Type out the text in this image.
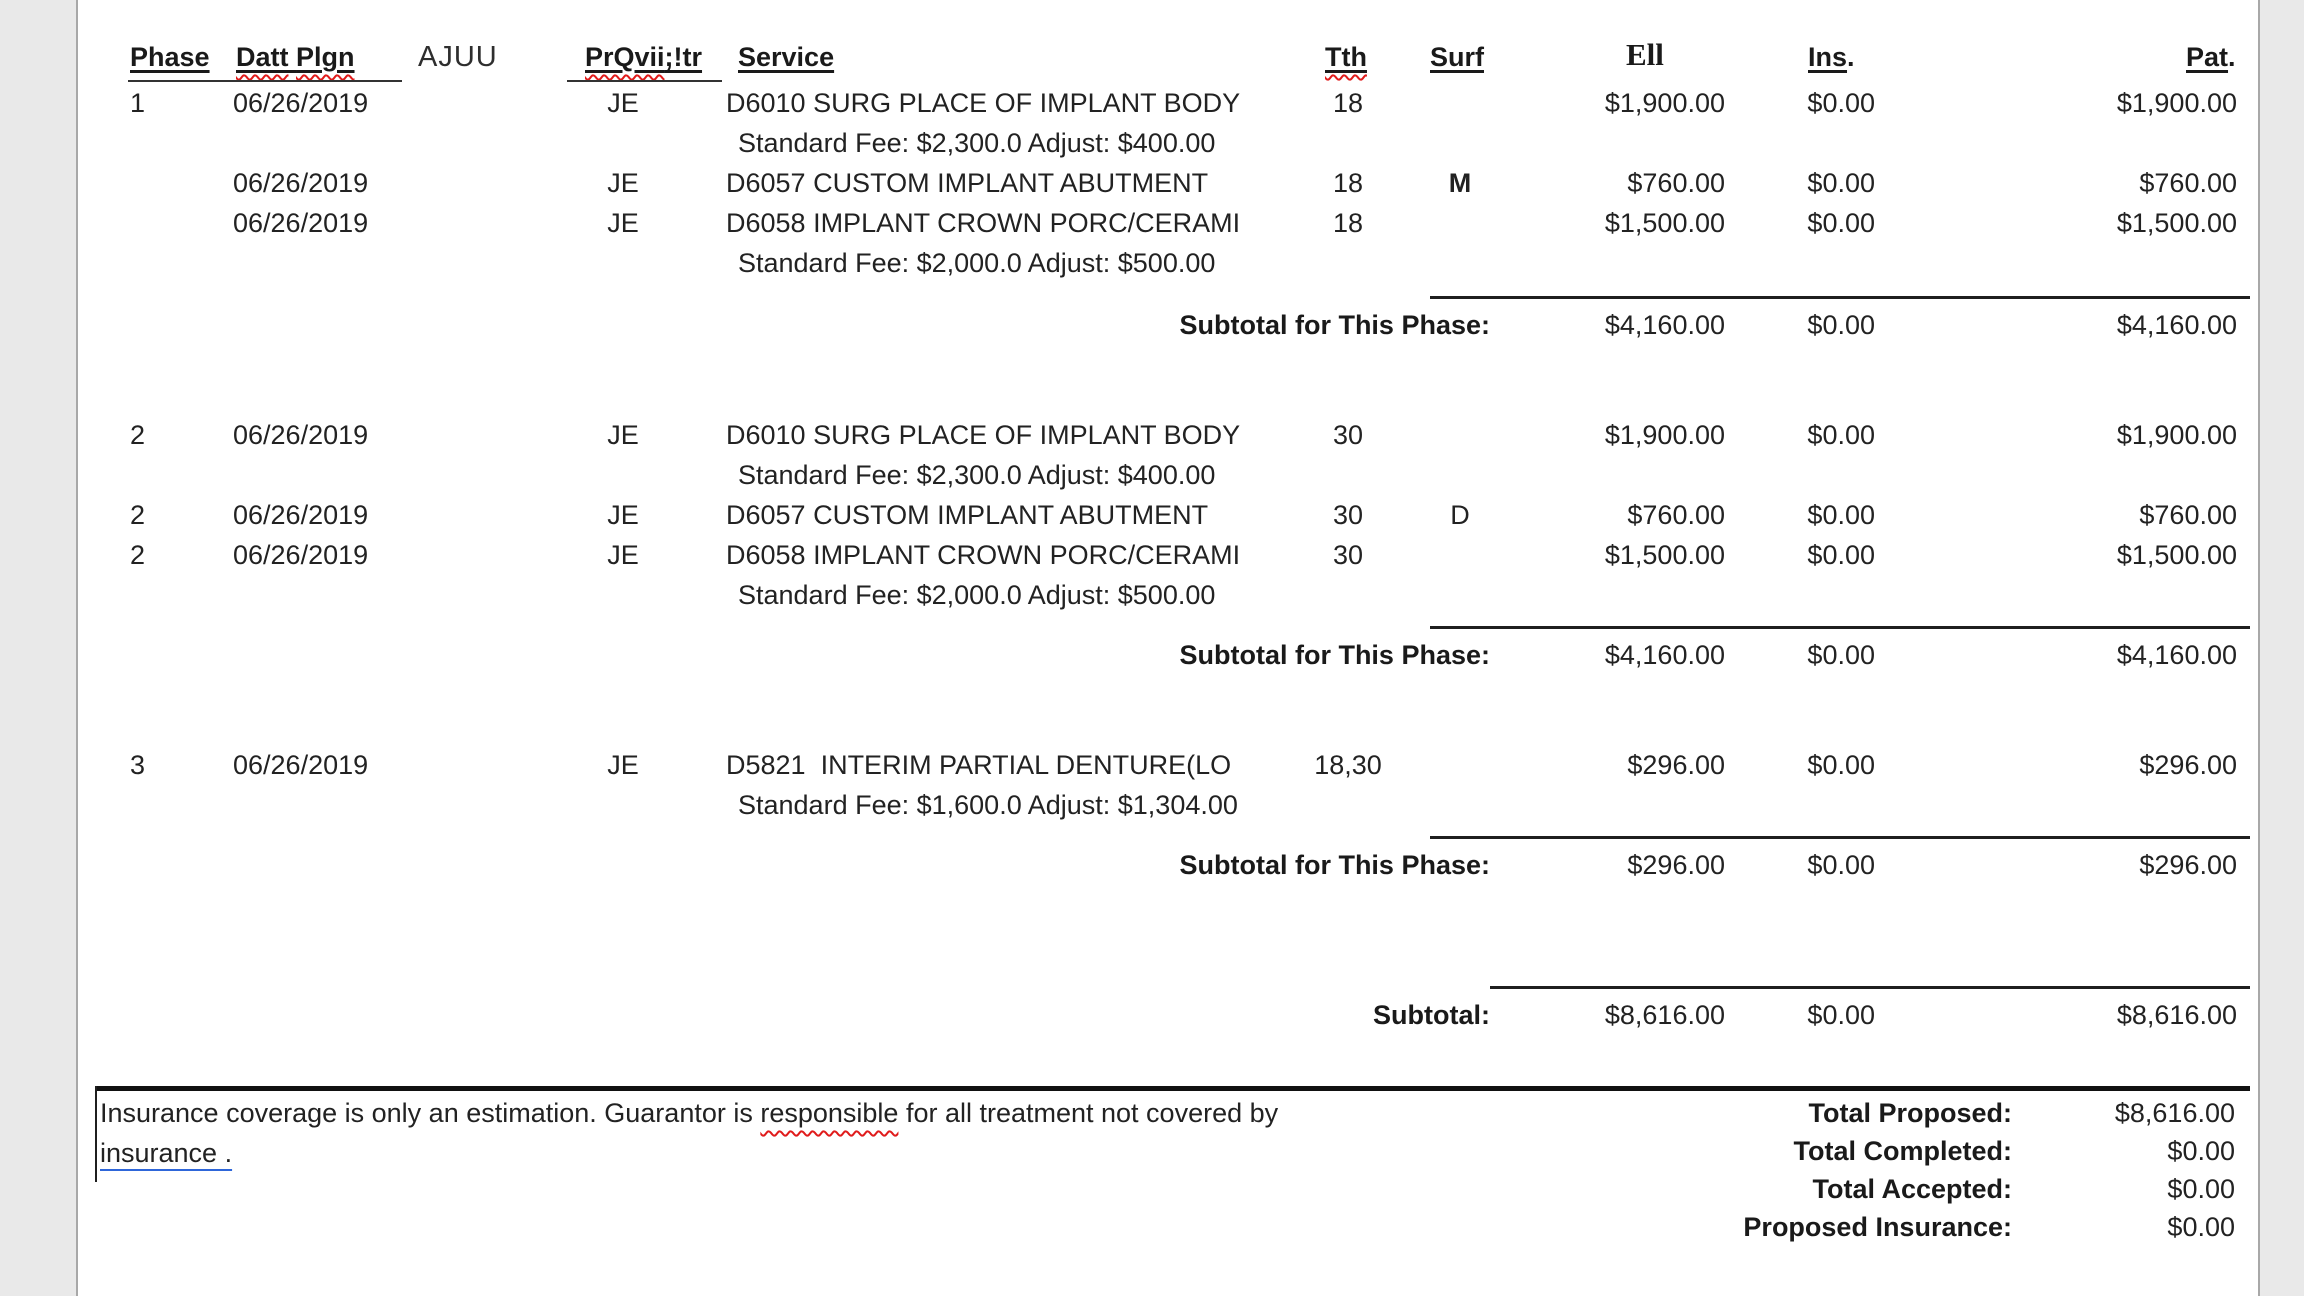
Phase Datt Plgn AJUU	PrQvii;!tr Service	Tth Surf	Ell	Ins.	Pat.
1	06/26/2019	JE	D6010 SURG PLACE OF IMPLANT BODY	18	$1,900.00	$0.00	$1,900.00
Standard Fee: $2,300.0 Adjust: $400.00
06/26/2019	JE	D6057 CUSTOM IMPLANT ABUTMENT	18	M	$760.00	$0.00	$760.00
06/26/2019	JE	D6058 IMPLANT CROWN PORC/CERAMI	18	$1,500.00	$0.00	$1,500.00
Standard Fee: $2,000.0 Adjust: $500.00
Subtotal for This Phase:	$4,160.00	$0.00	$4,160.00
2	06/26/2019	JE	D6010 SURG PLACE OF IMPLANT BODY	30	$1,900.00	$0.00	$1,900.00
Standard Fee: $2,300.0 Adjust: $400.00
2	06/26/2019	JE	D6057 CUSTOM IMPLANT ABUTMENT	30	D	$760.00	$0.00	$760.00
2	06/26/2019	JE	D6058 IMPLANT CROWN PORC/CERAMI	30	$1,500.00	$0.00	$1,500.00
Standard Fee: $2,000.0 Adjust: $500.00
Subtotal for This Phase:	$4,160.00	$0.00	$4,160.00
3	06/26/2019	JE	D5821  INTERIM PARTIAL DENTURE(LO	18,30	$296.00	$0.00	$296.00
Standard Fee: $1,600.0 Adjust: $1,304.00
Subtotal for This Phase:	$296.00	$0.00	$296.00
Subtotal:	$8,616.00	$0.00	$8,616.00
Insurance coverage is only an estimation. Guarantor is responsible for all treatment not covered by
insurance .
Total Proposed:	$8,616.00
Total Completed:	$0.00
Total Accepted:	$0.00
Proposed Insurance:	$0.00
